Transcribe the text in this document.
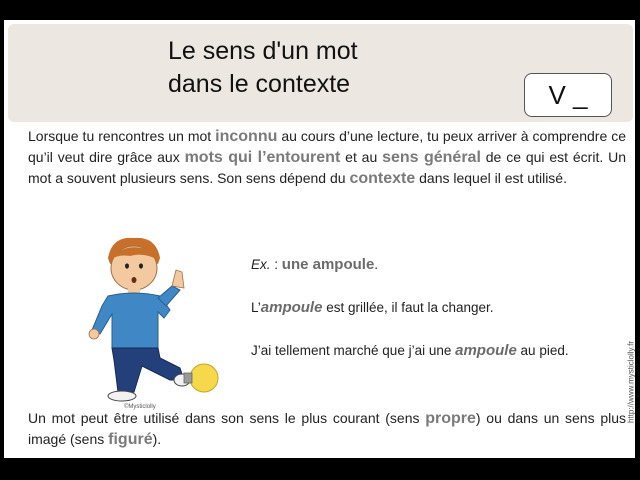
Le sens d'un mot
dans le contexte	V _

Lorsque tu rencontres un mot inconnu au cours d’une lecture, tu peux arriver à comprendre ce qu’il veut dire grâce aux mots qui l’entourent et au sens général de ce qui est écrit. Un mot a souvent plusieurs sens. Son sens dépend du contexte dans lequel il est utilisé.

©Mysticlolly
Ex. : une ampoule.
L’ampoule est grillée, il faut la changer.
J’ai tellement marché que j’ai une ampoule au pied.

Un mot peut être utilisé dans son sens le plus courant (sens propre) ou dans un sens plus imagé (sens figuré).

http://www.mysticlolly.fr
